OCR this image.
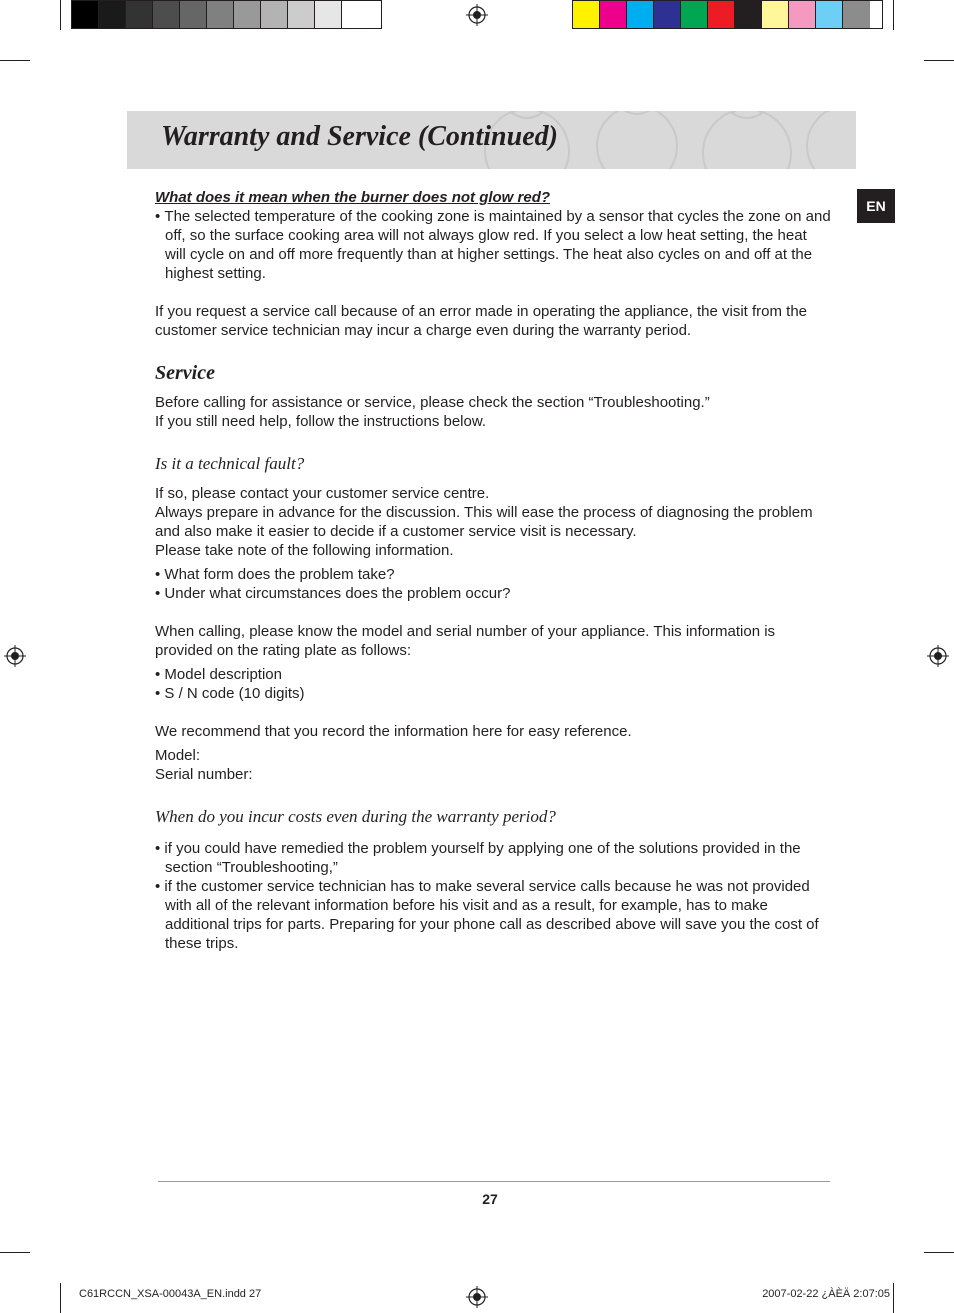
Warranty and Service (Continued)
EN

What does it mean when the burner does not glow red?

• The selected temperature of the cooking zone is maintained by a sensor that cycles the zone on and off, so the surface cooking area will not always glow red. If you select a low heat setting, the heat will cycle on and off more frequently than at higher settings. The heat also cycles on and off at the highest setting.

If you request a service call because of an error made in operating the appliance, the visit from the customer service technician may incur a charge even during the warranty period.

Service

Before calling for assistance or service, please check the section “Troubleshooting.”

If you still need help, follow the instructions below.

Is it a technical fault?

If so, please contact your customer service centre.

Always prepare in advance for the discussion. This will ease the process of diagnosing the problem and also make it easier to decide if a customer service visit is necessary.

Please take note of the following information.

• What form does the problem take?

• Under what circumstances does the problem occur?

When calling, please know the model and serial number of your appliance. This information is provided on the rating plate as follows:

• Model description

• S / N code (10 digits)

We recommend that you record the information here for easy reference.

Model:

Serial number:

When do you incur costs even during the warranty period?

• if you could have remedied the problem yourself by applying one of the solutions provided in the section “Troubleshooting,”

• if the customer service technician has to make several service calls because he was not provided with all of the relevant information before his visit and as a result, for example, has to make additional trips for parts. Preparing for your phone call as described above will save you the cost of these trips.

27
C61RCCN_XSA-00043A_EN.indd 27	2007-02-22 ¿ÀÈÄ 2:07:05
